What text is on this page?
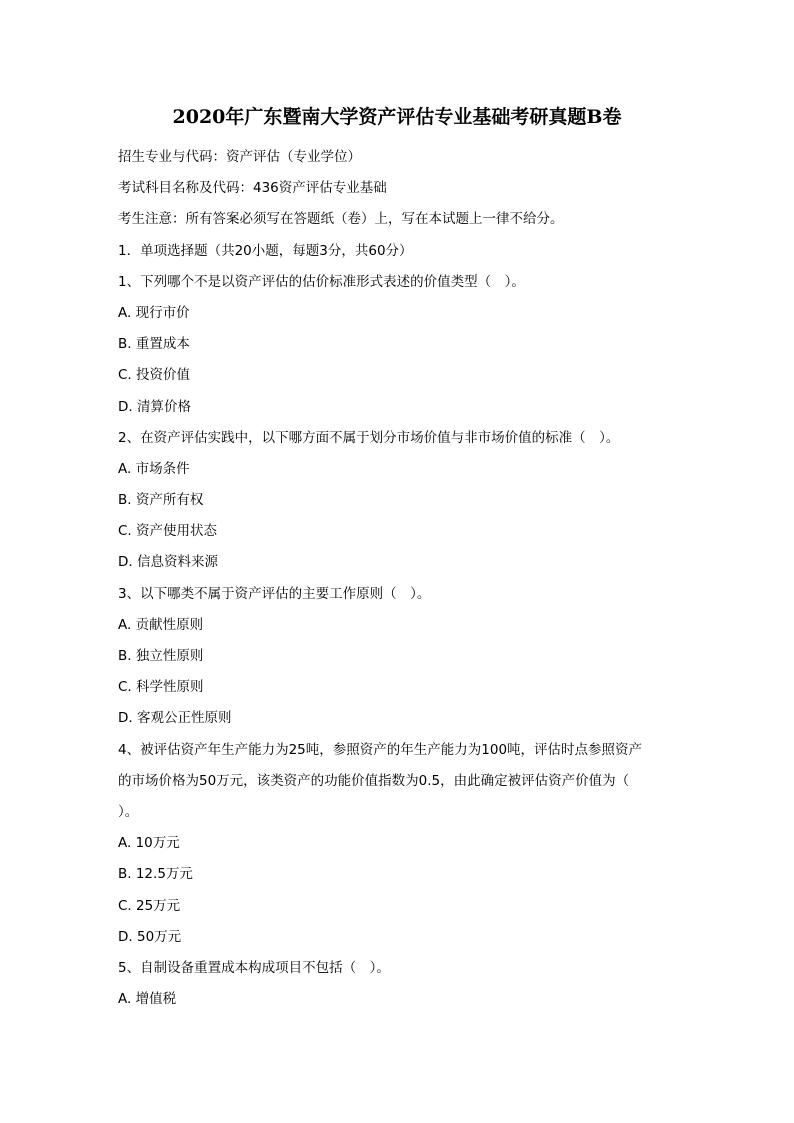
2020年广东暨南大学资产评估专业基础考研真题B卷
招生专业与代码：资产评估（专业学位）
考试科目名称及代码：436资产评估专业基础
考生注意：所有答案必须写在答题纸（卷）上，写在本试题上一律不给分。
1．单项选择题（共20小题，每题3分，共60分）
1、下列哪个不是以资产评估的估价标准形式表述的价值类型（　）。
A. 现行市价
B. 重置成本
C. 投资价值
D. 清算价格
2、在资产评估实践中，以下哪方面不属于划分市场价值与非市场价值的标准（　）。
A. 市场条件
B. 资产所有权
C. 资产使用状态
D. 信息资料来源
3、以下哪类不属于资产评估的主要工作原则（　）。
A. 贡献性原则
B. 独立性原则
C. 科学性原则
D. 客观公正性原则
4、被评估资产年生产能力为25吨，参照资产的年生产能力为100吨，评估时点参照资产
的市场价格为50万元，该类资产的功能价值指数为0.5，由此确定被评估资产价值为（
）。
A. 10万元
B. 12.5万元
C. 25万元
D. 50万元
5、自制设备重置成本构成项目不包括（　）。
A. 增值税
